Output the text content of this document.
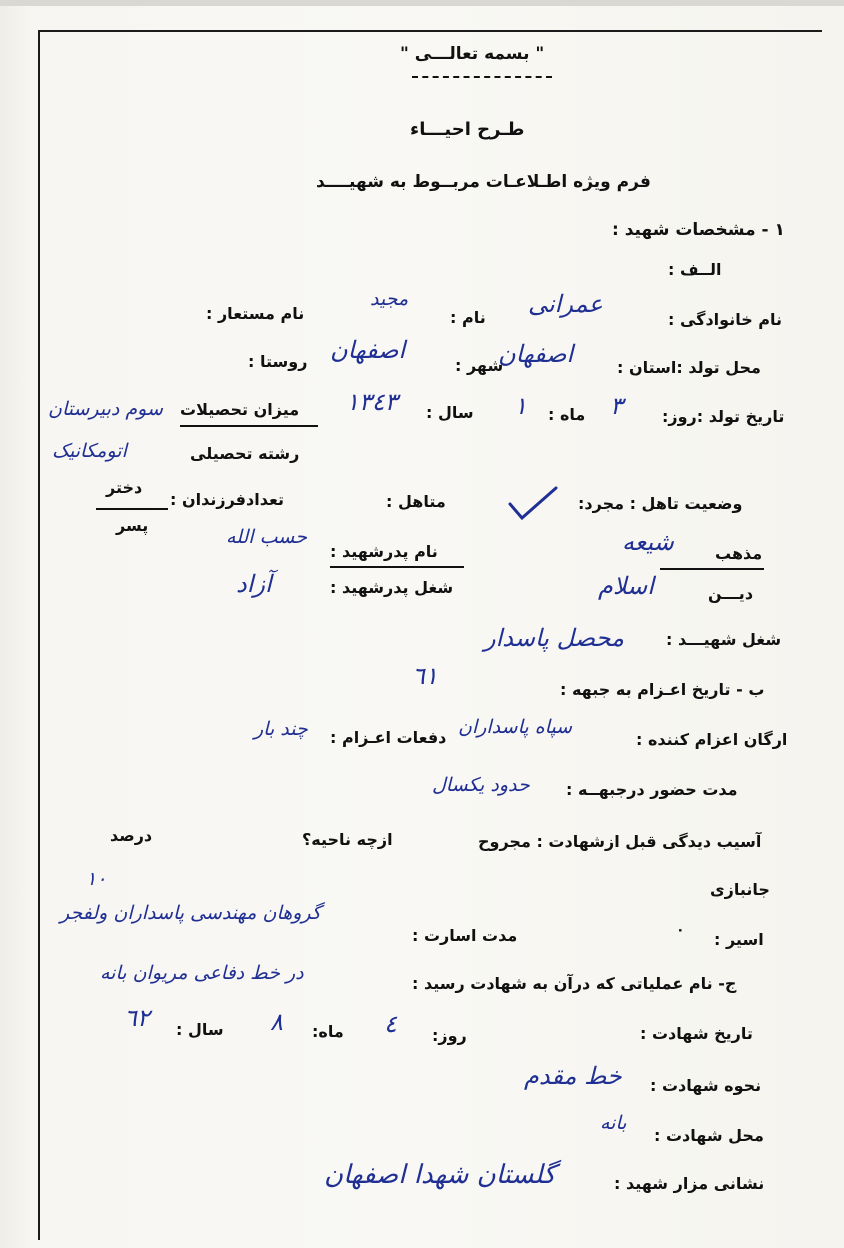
" بسمه تعالـــی "
طـرح احيـــاء
فرم ويژه اطـلاعـات مربــوط به شهيــــد
١ - مشخصات شهيد :
الــف :
نام خانوادگی :
عمرانی
نام :
مجيد
نام مستعار :
محل تولد :استان :
اصفهان
شهر :
اصفهان
روستا :
تاريخ تولد :روز:
٣
ماه :
١
سال :
١٣٤٣
ميزان تحصيلات
سوم دبيرستان
رشته تحصيلی
اتومکانيک
وضعيت تاهل : مجرد:
متاهل :
تعدادفرزندان :
دختر
پسر
شيعه	مذهب
نام پدرشهيد :
حسب الله
شغل پدرشهيد :
آزاد	ديـــن
اسلام
شغل شهيـــد :
محصل پاسدار
ب - تاريخ اعـزام به جبهه :
٦١
ارگان اعزام کننده :
سپاه پاسداران
دفعات اعـزام :
چند بار
مدت حضور درجبهــه :
حدود يکسال
آسيب ديدگی قبل ازشهادت : مجروح
ازچه ناحيه؟
درصد
جانبازی
١٠
اسير :
٠
مدت اسارت :
گروهان مهندسی پاسداران ولفجر
ج- نام عملياتی که درآن به شهادت رسيد :
در خط دفاعی مريوان بانه
تاريخ شهادت :
روز:
٤
ماه:
٨
سال :
٦٢
نحوه شهادت :
خط مقدم
محل شهادت :
بانه
نشانی مزار شهيد :
گلستان شهدا اصفهان
